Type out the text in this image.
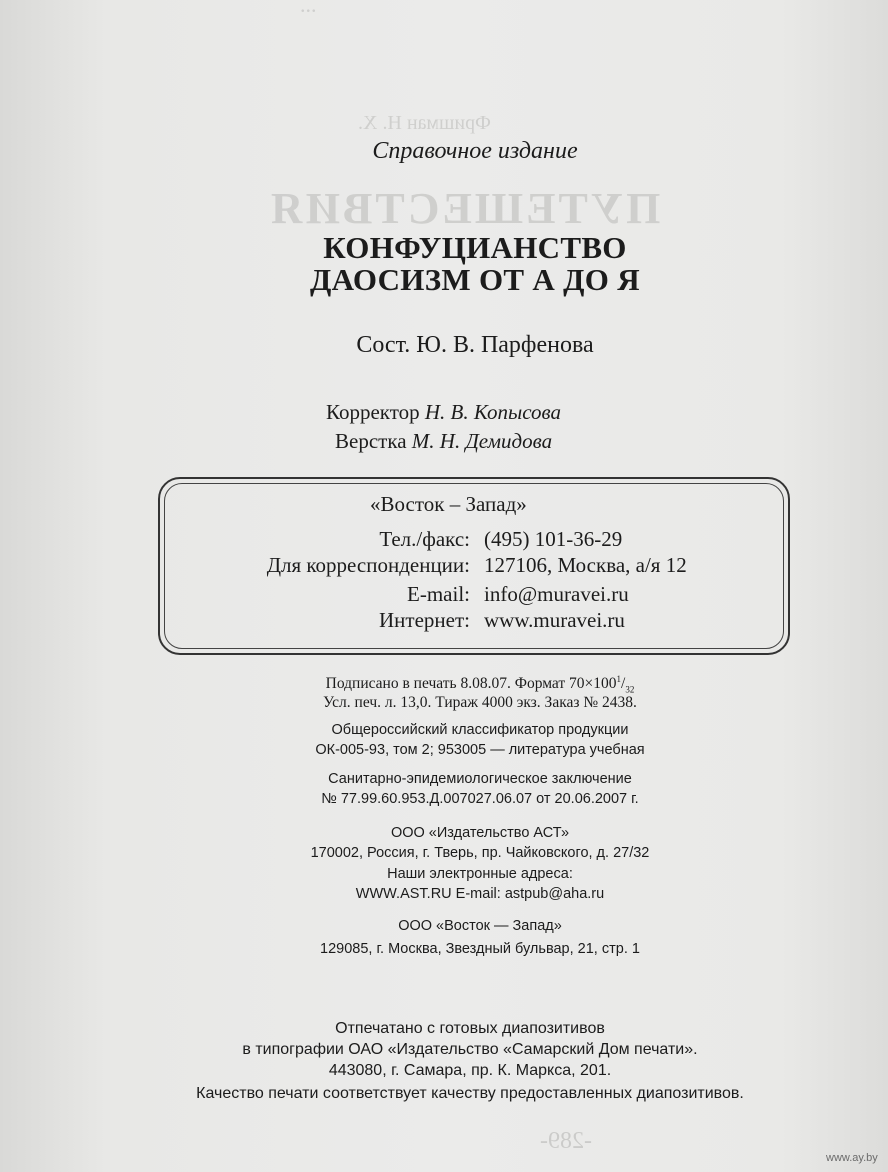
Фришман Н. Х.
ПУТЕШЕСТВИЯ
...
Справочное издание
КОНФУЦИАНСТВО
ДАОСИЗМ ОТ А ДО Я
Сост. Ю. В. Парфенова
Корректор Н. В. Копысова
Верстка М. Н. Демидова
«Восток – Запад»
Тел./факс: (495) 101-36-29
Для корреспонденции: 127106, Москва, а/я 12
E-mail: info@muravei.ru
Интернет: www.muravei.ru
Подписано в печать 8.08.07. Формат $70\times 100^1/_{32}$
Усл. печ. л. 13,0. Тираж 4000 экз. Заказ № 2438.
Общероссийский классификатор продукции
ОК-005-93, том 2; 953005 — литература учебная
Санитарно-эпидемиологическое заключение
№ 77.99.60.953.Д.007027.06.07 от 20.06.2007 г.
ООО «Издательство АСТ»
170002, Россия, г. Тверь, пр. Чайковского, д. 27/32
Наши электронные адреса:
WWW.AST.RU E-mail: astpub@aha.ru
ООО «Восток — Запад»
129085, г. Москва, Звездный бульвар, 21, стр. 1
Отпечатано с готовых диапозитивов
в типографии ОАО «Издательство «Самарский Дом печати».
443080, г. Самара, пр. К. Маркса, 201.
Качество печати соответствует качеству предоставленных диапозитивов.
-289-
www.ay.by
